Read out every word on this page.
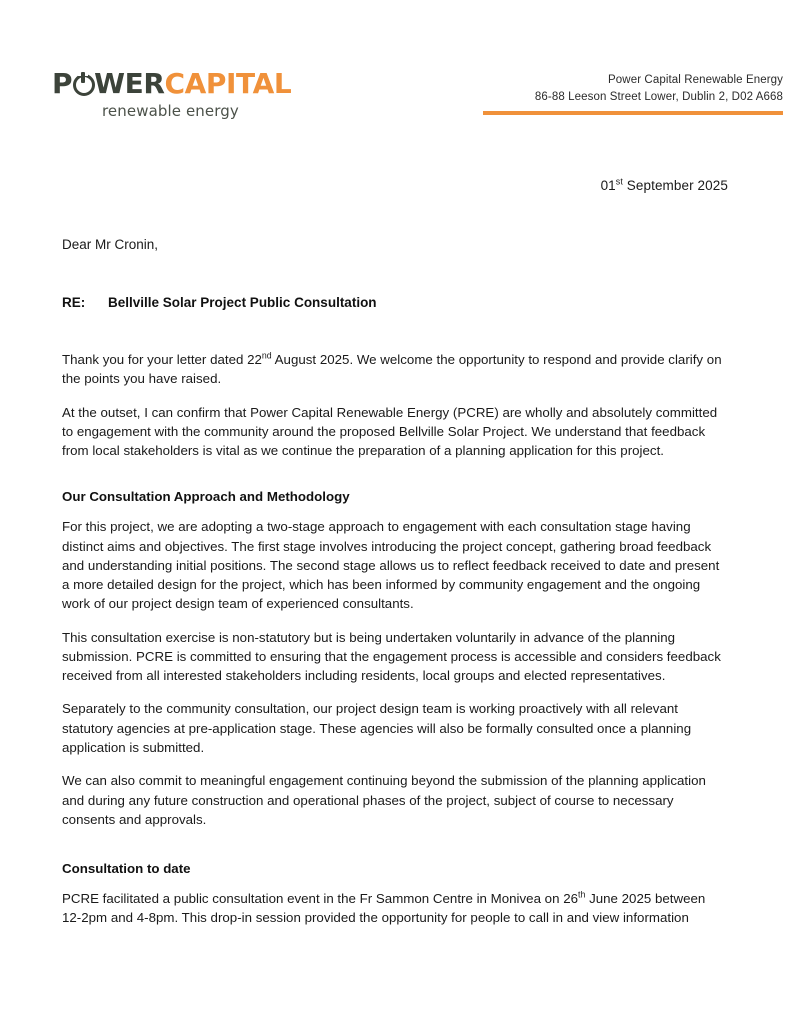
P WER CAPITAL
renewable energy
Power Capital Renewable Energy
86-88 Leeson Street Lower, Dublin 2, D02 A668
01st September 2025
Dear Mr Cronin,
RE:	Bellville Solar Project Public Consultation

Thank you for your letter dated 22nd August 2025. We welcome the opportunity to respond and provide clarify on the points you have raised.

At the outset, I can confirm that Power Capital Renewable Energy (PCRE) are wholly and absolutely committed to engagement with the community around the proposed Bellville Solar Project. We understand that feedback from local stakeholders is vital as we continue the preparation of a planning application for this project.

Our Consultation Approach and Methodology

For this project, we are adopting a two-stage approach to engagement with each consultation stage having distinct aims and objectives. The first stage involves introducing the project concept, gathering broad feedback and understanding initial positions. The second stage allows us to reflect feedback received to date and present a more detailed design for the project, which has been informed by community engagement and the ongoing work of our project design team of experienced consultants.

This consultation exercise is non-statutory but is being undertaken voluntarily in advance of the planning submission. PCRE is committed to ensuring that the engagement process is accessible and considers feedback received from all interested stakeholders including residents, local groups and elected representatives.

Separately to the community consultation, our project design team is working proactively with all relevant statutory agencies at pre-application stage. These agencies will also be formally consulted once a planning application is submitted.

We can also commit to meaningful engagement continuing beyond the submission of the planning application and during any future construction and operational phases of the project, subject of course to necessary consents and approvals.

Consultation to date

PCRE facilitated a public consultation event in the Fr Sammon Centre in Monivea on 26th June 2025 between 12-2pm and 4-8pm. This drop-in session provided the opportunity for people to call in and view information
